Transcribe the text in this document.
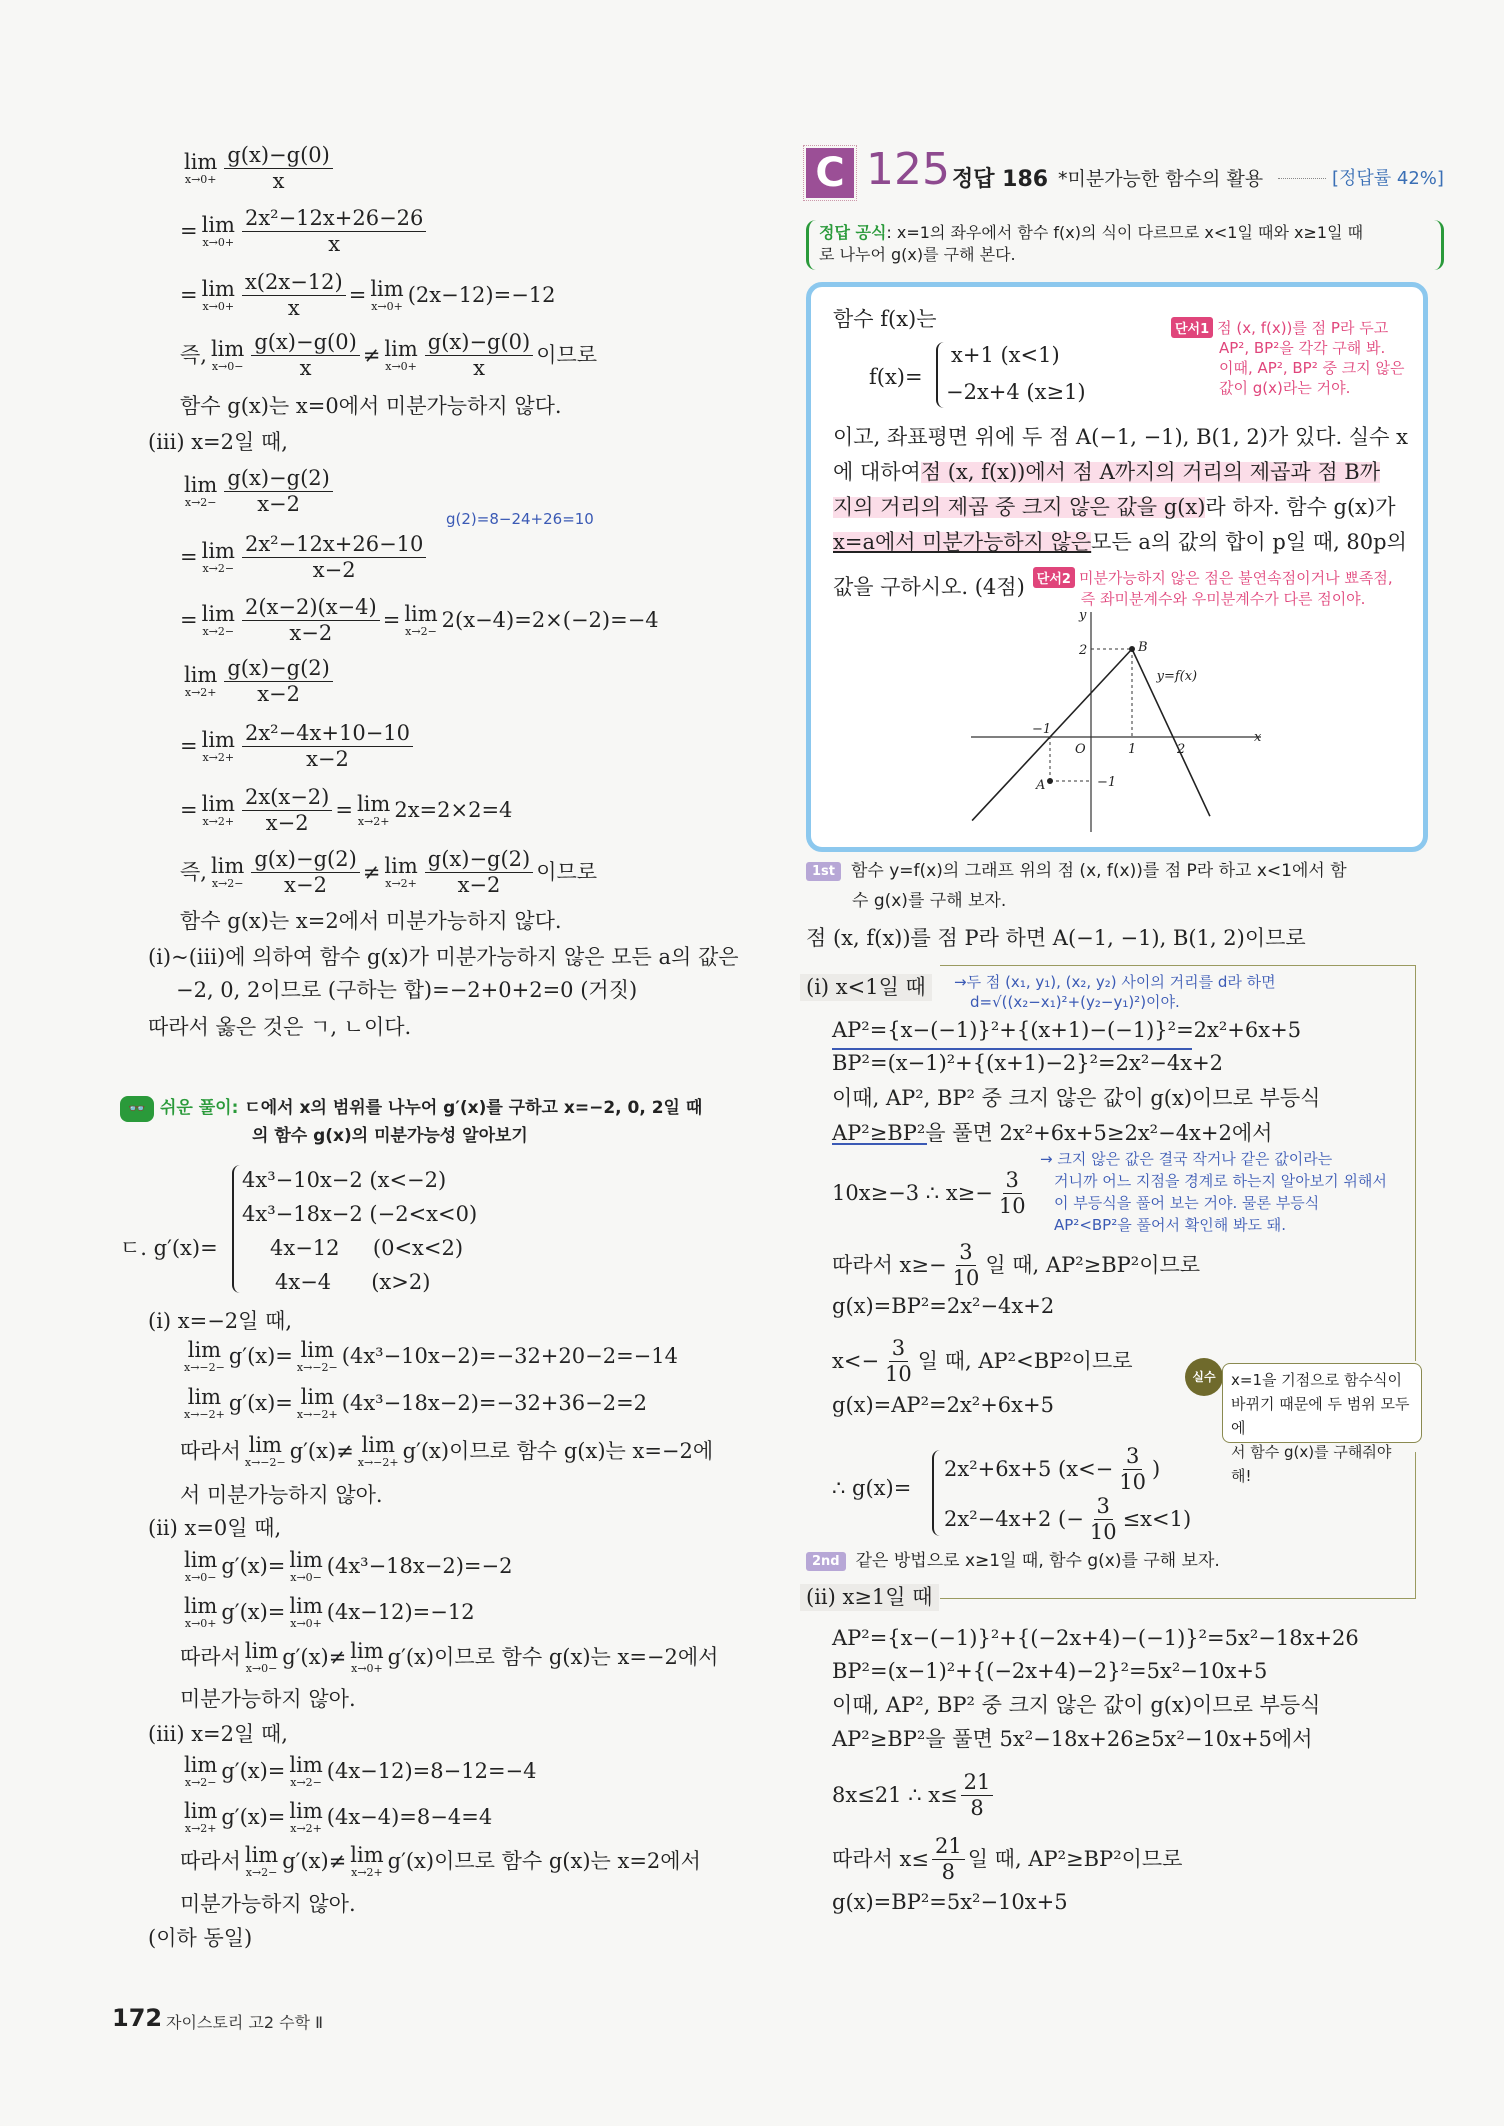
C 125 정답 186 *미분가능한 함수의 활용	[정답률 42%]
정답 공식: x=1의 좌우에서 함수 f(x)의 식이 다르므로 x<1일 때와 x≥1일 때
로 나누어 g(x)를 구해 본다.
함수 f(x)는
f(x)=
x+1 (x<1)
−2x+4 (x≥1)
단서1 점 (x, f(x))를 점 P라 두고
AP², BP²을 각각 구해 봐.
이때, AP², BP² 중 크지 않은
값이 g(x)라는 거야.
이고, 좌표평면 위에 두 점 A(−1, −1), B(1, 2)가 있다. 실수 x
에 대하여 점 (x, f(x))에서 점 A까지의 거리의 제곱과 점 B까
지의 거리의 제곱 중 크지 않은 값을 g(x) 라 하자. 함수 g(x)가
x=a에서 미분가능하지 않은 모든 a의 값의 합이 p일 때, 80p의
값을 구하시오. (4점) 단서2 미분가능하지 않은 점은 불연속점이거나 뾰족점,
즉 좌미분계수와 우미분계수가 다른 점이야.
y
x
O	1	2
−1
−1
2
A
B
y=f(x)
g(2)=8−24+26=10
👓 쉬운 풀이: ㄷ에서 x의 범위를 나누어 g′(x)를 구하고 x=−2, 0, 2일 때
의 함수 g(x)의 미분가능성 알아보기
ㄷ. g′(x)=
4x³−10x−2 (x<−2)
4x³−18x−2 (−2<x<0)
4x−12     (0<x<2)
4x−4      (x>2)
1st 함수 y=f(x)의 그래프 위의 점 (x, f(x))를 점 P라 하고 x<1에서 함
수 g(x)를 구해 보자.
(i) x<1일 때
(ii) x≥1일 때
→두 점 (x₁, y₁), (x₂, y₂) 사이의 거리를 d라 하면
d=√((x₂−x₁)²+(y₂−y₁)²)이야.
→ 크지 않은 값은 결국 작거나 같은 값이라는
거니까 어느 지점을 경계로 하는지 알아보기 위해서
이 부등식을 풀어 보는 거야. 물론 부등식
AP²<BP²을 풀어서 확인해 봐도 돼.
실수	x=1을 기점으로 함수식이
바뀌기 때문에 두 범위 모두에
서 함수 g(x)를 구해줘야 해!
∴ g(x)=
2x²+6x+5 ($x<- \frac{3}{10}$ )
2x²−4x+2 (− $\frac{3}{10} \le x<1$)
2nd 같은 방법으로 x≥1일 때, 함수 g(x)를 구해 보자.
172 자이스토리 고2 수학 Ⅱ
lim
$x\to 0+ \frac{g(x)-g(0)}{x}$
= lim
$x\to 0+ \frac{\text{2x²−12x+26−26}}{x}$
= lim
$x\to 0+ \frac{x(2x-12)}{x} = \lim$
x→0+ (2x−12)=−12
즉, lim
$x\to 0- \frac{g(x)-g(0)}{x} \ne \lim$
$x\to 0+ \frac{g(x)-g(0)}{x}$ 이므로
함수 g(x)는 x=0에서 미분가능하지 않다.
(iii) x=2일 때,
lim
$x\to 2- \frac{g(x)-g(2)}{x-2}$
= lim
$x\to 2- \frac{\text{2x²−12x+26−10}}{x-2}$
= lim
$x\to 2- \frac{2(x-2)(x-4)}{x-2} = \lim$
x→2− 2(x−4)=2×(−2)=−4
lim
$x\to 2+ \frac{g(x)-g(2)}{x-2}$
= lim
$x\to 2+ \frac{\text{2x²−4x+10−10}}{x-2}$
= lim
$x\to 2+ \frac{2x(x-2)}{x-2} = \lim$
x→2+ 2x=2×2=4
즉, lim
$x\to 2- \frac{g(x)-g(2)}{x-2} \ne \lim$
$x\to 2+ \frac{g(x)-g(2)}{x-2}$ 이므로
함수 g(x)는 x=2에서 미분가능하지 않다.
(i)~(iii)에 의하여 함수 g(x)가 미분가능하지 않은 모든 a의 값은
−2, 0, 2이므로 (구하는 합)=−2+0+2=0 (거짓)
따라서 옳은 것은 ㄱ, ㄴ이다.
(i) x=−2일 때,
lim
x→−2− g′(x)= lim
x→−2− (4x³−10x−2)=−32+20−2=−14
lim
x→−2+ g′(x)= lim
x→−2+ (4x³−18x−2)=−32+36−2=2
따라서 lim
x→−2− g′(x)≠ lim
x→−2+ g′(x)이므로 함수 g(x)는 x=−2에
서 미분가능하지 않아.
(ii) x=0일 때,
lim
x→0− g′(x)= lim
x→0− (4x³−18x−2)=−2
lim
x→0+ g′(x)= lim
x→0+ (4x−12)=−12
따라서 lim
x→0− g′(x)≠ lim
x→0+ g′(x)이므로 함수 g(x)는 x=−2에서
미분가능하지 않아.
(iii) x=2일 때,
lim
x→2− g′(x)= lim
x→2− (4x−12)=8−12=−4
lim
x→2+ g′(x)= lim
x→2+ (4x−4)=8−4=4
따라서 lim
x→2− g′(x)≠ lim
x→2+ g′(x)이므로 함수 g(x)는 x=2에서
미분가능하지 않아.
(이하 동일)
점 (x, f(x))를 점 P라 하면 A(−1, −1), B(1, 2)이므로
AP²={x−(−1)}²+{(x+1)−(−1)}²=2x²+6x+5
BP²=(x−1)²+{(x+1)−2}²=2x²−4x+2
이때, AP², BP² 중 크지 않은 값이 g(x)이므로 부등식
AP²≥BP²을 풀면 2x²+6x+5≥2x²−4x+2에서
10x≥−3 ∴ $x\ge- \frac{3}{10}$
따라서 $x\ge- \frac{3}{10}$ 일 때, AP²≥BP²이므로
g(x)=BP²=2x²−4x+2
$x<- \frac{3}{10}$ 일 때, AP²<BP²이므로
g(x)=AP²=2x²+6x+5
AP²={x−(−1)}²+{(−2x+4)−(−1)}²=5x²−18x+26
BP²=(x−1)²+{(−2x+4)−2}²=5x²−10x+5
이때, AP², BP² 중 크지 않은 값이 g(x)이므로 부등식
AP²≥BP²을 풀면 5x²−18x+26≥5x²−10x+5에서
8x≤21 ∴ $x\le \frac{21}{8}$
따라서 $x\le \frac{21}{8}$ 일 때, AP²≥BP²이므로
g(x)=BP²=5x²−10x+5
